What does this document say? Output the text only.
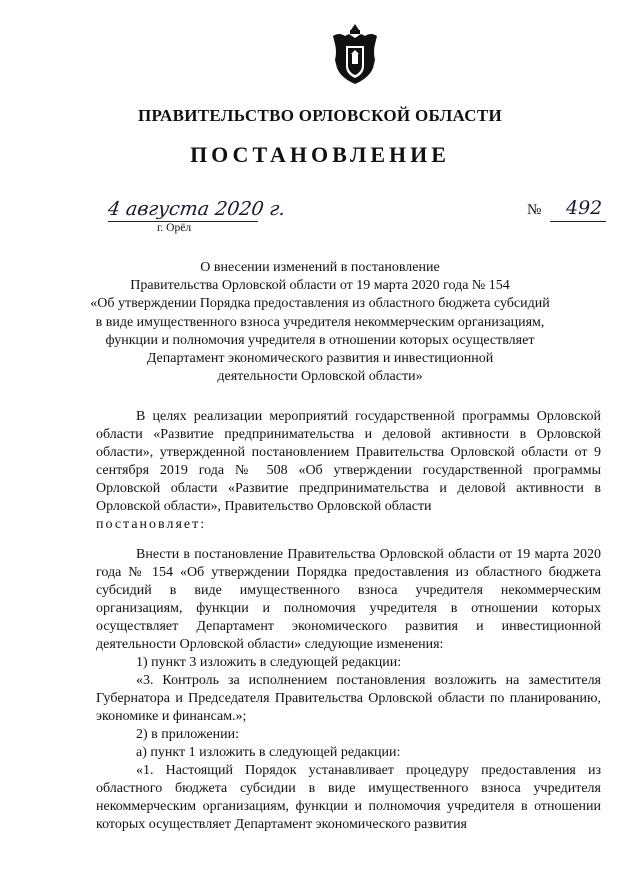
ПРАВИТЕЛЬСТВО ОРЛОВСКОЙ ОБЛАСТИ
ПОСТАНОВЛЕНИЕ
4 августа 2020 г.
г. Орёл
№ 492
О внесении изменений в постановление
Правительства Орловской области от 19 марта 2020 года № 154
«Об утверждении Порядка предоставления из областного бюджета субсидий
в виде имущественного взноса учредителя некоммерческим организациям,
функции и полномочия учредителя в отношении которых осуществляет
Департамент экономического развития и инвестиционной
деятельности Орловской области»

В целях реализации мероприятий государственной программы Орловской области «Развитие предпринимательства и деловой активности в Орловской области», утвержденной постановлением Правительства Орловской области от 9 сентября 2019 года № 508 «Об утверждении государственной программы Орловской области «Развитие предпринимательства и деловой активности в Орловской области», Правительство Орловской области

постановляет:

Внести в постановление Правительства Орловской области от 19 марта 2020 года № 154 «Об утверждении Порядка предоставления из областного бюджета субсидий в виде имущественного взноса учредителя некоммерческим организациям, функции и полномочия учредителя в отношении которых осуществляет Департамент экономического развития и инвестиционной деятельности Орловской области» следующие изменения:

1) пункт 3 изложить в следующей редакции:

«3. Контроль за исполнением постановления возложить на заместителя Губернатора и Председателя Правительства Орловской области по планированию, экономике и финансам.»;

2) в приложении:

а) пункт 1 изложить в следующей редакции:

«1. Настоящий Порядок устанавливает процедуру предоставления из областного бюджета субсидии в виде имущественного взноса учредителя некоммерческим организациям, функции и полномочия учредителя в отношении которых осуществляет Департамент экономического развития
